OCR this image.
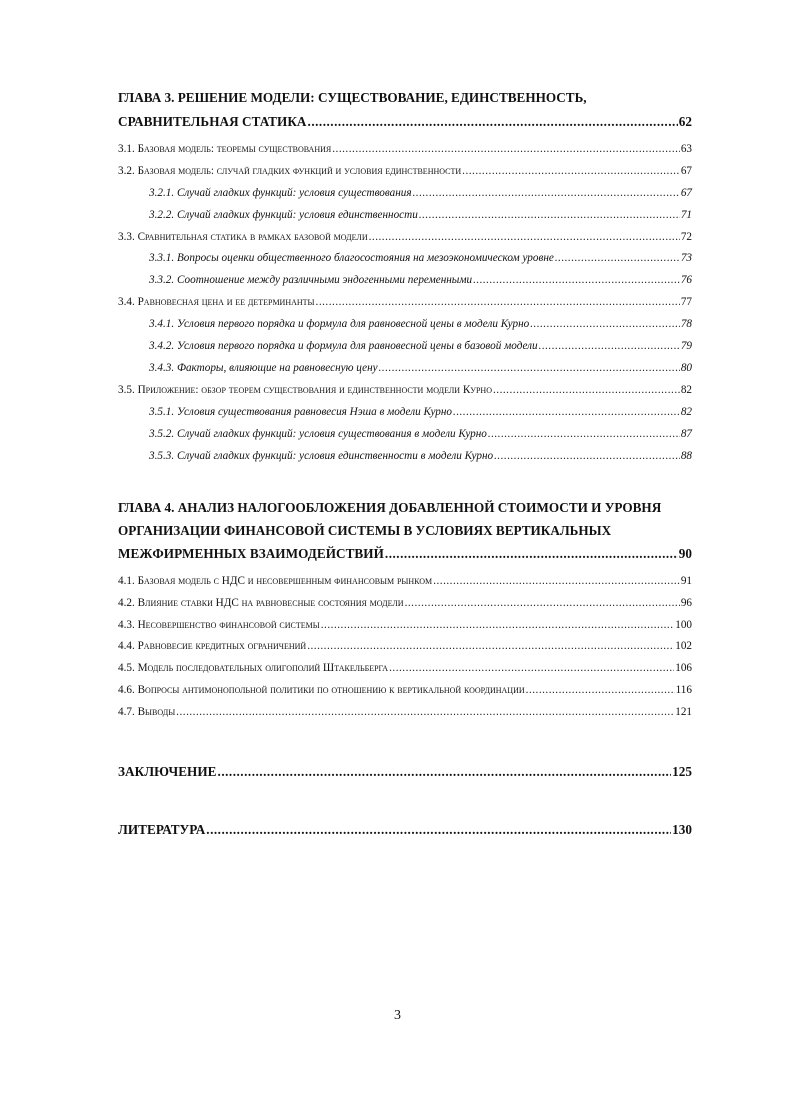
ГЛАВА 3. РЕШЕНИЕ МОДЕЛИ: СУЩЕСТВОВАНИЕ, ЕДИНСТВЕННОСТЬ,
СРАВНИТЕЛЬНАЯ СТАТИКА .....	62
3.1. Базовая модель: теоремы существования .....	63
3.2. Базовая модель: случай гладких функций и условия единственности .....	67
3.2.1. Случай гладких функций: условия существования .....	67
3.2.2. Случай гладких функций: условия единственности .....	71
3.3. Сравнительная статика в рамках базовой модели .....	72
3.3.1. Вопросы оценки общественного благосостояния на мезоэкономическом уровне .....	73
3.3.2. Соотношение между различными эндогенными переменными .....	76
3.4. Равновесная цена и ее детерминанты .....	77
3.4.1. Условия первого порядка и формула для равновесной цены в модели Курно .....	78
3.4.2. Условия первого порядка и формула для равновесной цены в базовой модели .....	79
3.4.3. Факторы, влияющие на равновесную цену .....	80
3.5. Приложение: обзор теорем существования и единственности модели Курно .....	82
3.5.1. Условия существования равновесия Нэша в модели Курно .....	82
3.5.2. Случай гладких функций: условия существования в модели Курно .....	87
3.5.3. Случай гладких функций: условия единственности в модели Курно .....	88
ГЛАВА 4. АНАЛИЗ НАЛОГООБЛОЖЕНИЯ ДОБАВЛЕННОЙ СТОИМОСТИ И УРОВНЯ
ОРГАНИЗАЦИИ ФИНАНСОВОЙ СИСТЕМЫ В УСЛОВИЯХ ВЕРТИКАЛЬНЫХ
МЕЖФИРМЕННЫХ ВЗАИМОДЕЙСТВИЙ .....	90
4.1. Базовая модель с НДС и несовершенным финансовым рынком .....	91
4.2. Влияние ставки НДС на равновесные состояния модели .....	96
4.3. Несовершенство финансовой системы .....	100
4.4. Равновесие кредитных ограничений .....	102
4.5. Модель последовательных олигополий Штакельберга .....	106
4.6. Вопросы антимонопольной политики по отношению к вертикальной координации .....	116
4.7. Выводы .....	121
ЗАКЛЮЧЕНИЕ .....	125
ЛИТЕРАТУРА .....	130
3
